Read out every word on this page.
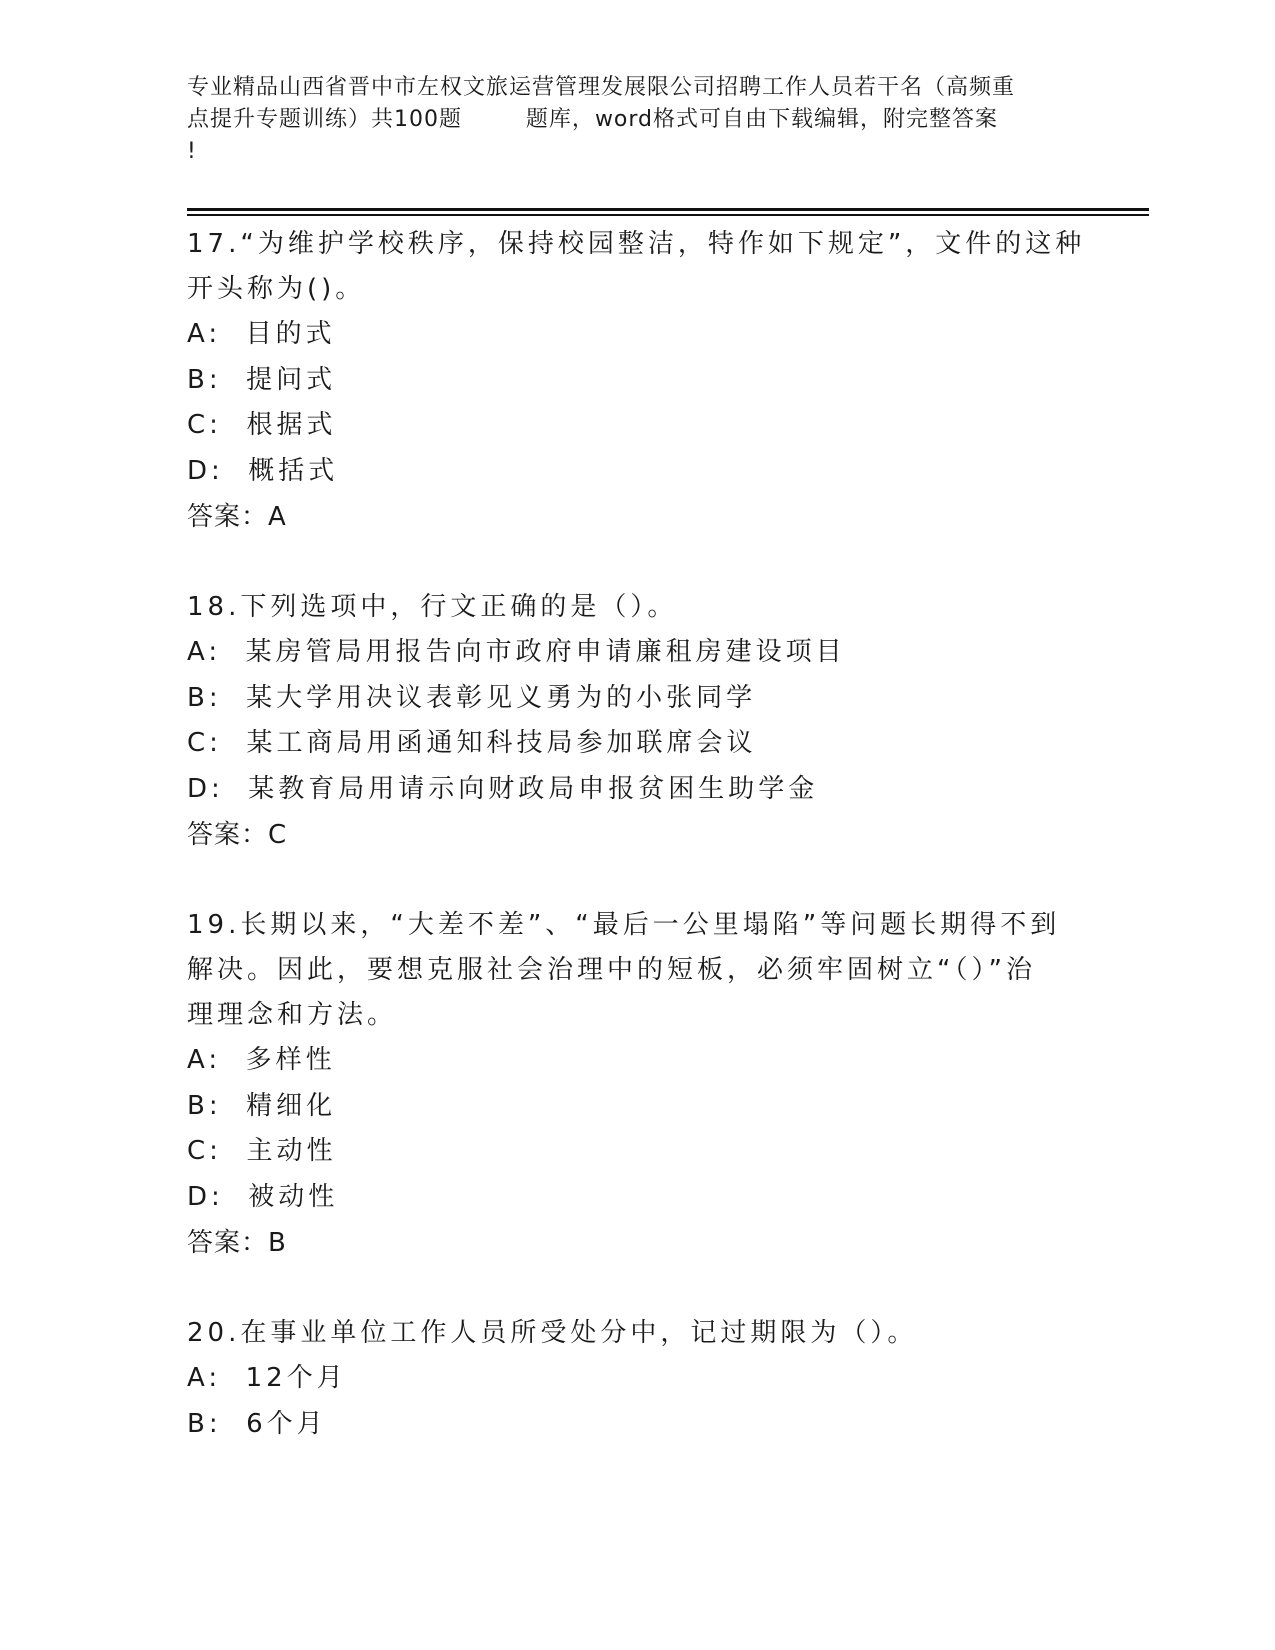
专业精品山西省晋中市左权文旅运营管理发展限公司招聘工作人员若干名（高频重
点提升专题训练）共100题        题库，word格式可自由下载编辑，附完整答案
!
17.“为维护学校秩序，保持校园整洁，特作如下规定”，文件的这种
开头称为()。
A:  目的式
B:  提问式
C:  根据式
D:  概括式
答案：A
18.下列选项中，行文正确的是（）。
A:  某房管局用报告向市政府申请廉租房建设项目
B:  某大学用决议表彰见义勇为的小张同学
C:  某工商局用函通知科技局参加联席会议
D:  某教育局用请示向财政局申报贫困生助学金
答案：C
19.长期以来，“大差不差”、“最后一公里塌陷”等问题长期得不到
解决。因此，要想克服社会治理中的短板，必须牢固树立“（）”治
理理念和方法。
A:  多样性
B:  精细化
C:  主动性
D:  被动性
答案：B
20.在事业单位工作人员所受处分中，记过期限为（）。
A:  12个月
B:  6个月
